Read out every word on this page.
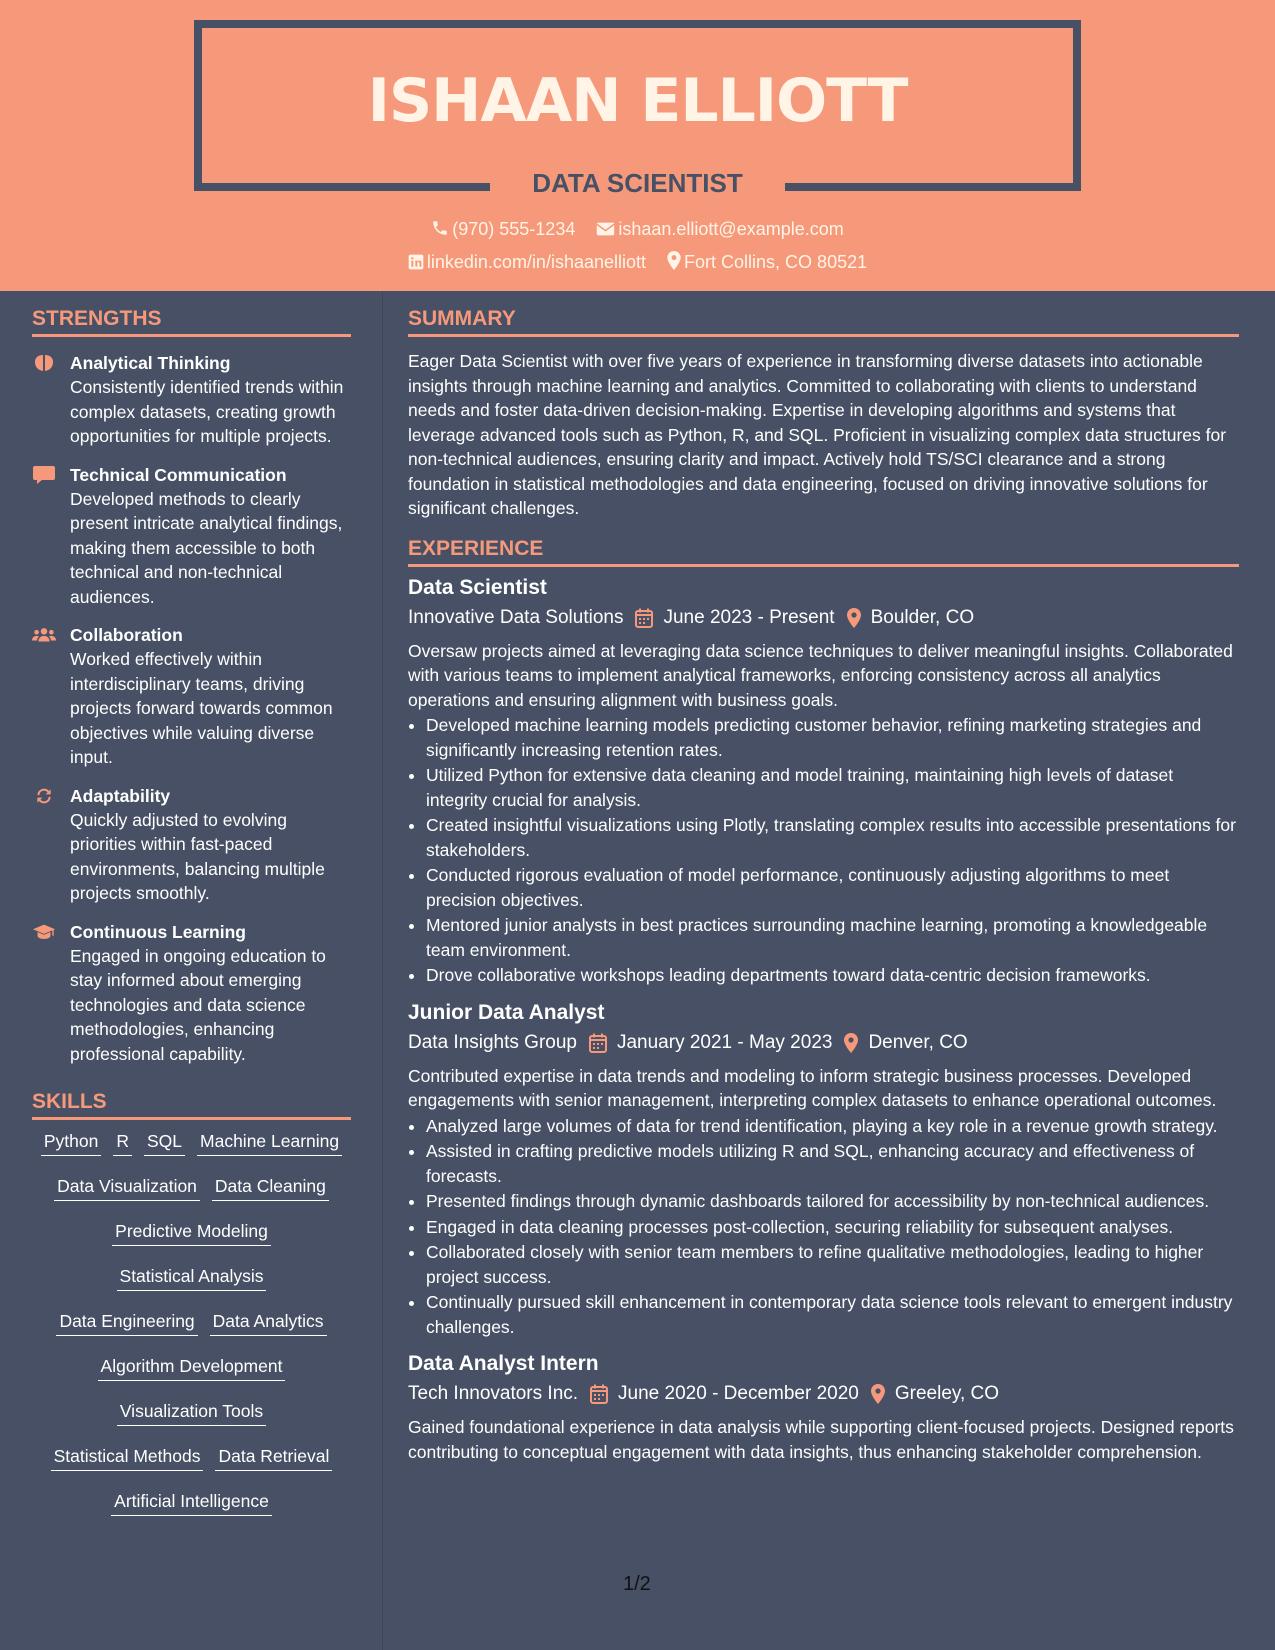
ISHAAN ELLIOTT
DATA SCIENTIST
(970) 555-1234 ishaan.elliott@example.com
linkedin.com/in/ishaanelliott Fort Collins, CO 80521
STRENGTHS
Analytical Thinking
Consistently identified trends within complex datasets, creating growth opportunities for multiple projects.
Technical Communication
Developed methods to clearly present intricate analytical findings, making them accessible to both technical and non-technical audiences.
Collaboration
Worked effectively within interdisciplinary teams, driving projects forward towards common objectives while valuing diverse input.
Adaptability
Quickly adjusted to evolving priorities within fast-paced environments, balancing multiple projects smoothly.
Continuous Learning
Engaged in ongoing education to stay informed about emerging technologies and data science methodologies, enhancing professional capability.
SKILLS
Python R SQL Machine Learning
Data Visualization Data Cleaning
Predictive Modeling
Statistical Analysis
Data Engineering Data Analytics
Algorithm Development
Visualization Tools
Statistical Methods Data Retrieval
Artificial Intelligence
SUMMARY

Eager Data Scientist with over five years of experience in transforming diverse datasets into actionable insights through machine learning and analytics. Committed to collaborating with clients to understand needs and foster data-driven decision-making. Expertise in developing algorithms and systems that leverage advanced tools such as Python, R, and SQL. Proficient in visualizing complex data structures for non-technical audiences, ensuring clarity and impact. Actively hold TS/SCI clearance and a strong foundation in statistical methodologies and data engineering, focused on driving innovative solutions for significant challenges.

EXPERIENCE
Data Scientist
Innovative Data Solutions June 2023 - Present Boulder, CO
Oversaw projects aimed at leveraging data science techniques to deliver meaningful insights. Collaborated with various teams to implement analytical frameworks, enforcing consistency across all analytics operations and ensuring alignment with business goals.
• Developed machine learning models predicting customer behavior, refining marketing strategies and significantly increasing retention rates.
• Utilized Python for extensive data cleaning and model training, maintaining high levels of dataset integrity crucial for analysis.
• Created insightful visualizations using Plotly, translating complex results into accessible presentations for stakeholders.
• Conducted rigorous evaluation of model performance, continuously adjusting algorithms to meet precision objectives.
• Mentored junior analysts in best practices surrounding machine learning, promoting a knowledgeable team environment.
• Drove collaborative workshops leading departments toward data-centric decision frameworks.
Junior Data Analyst
Data Insights Group January 2021 - May 2023 Denver, CO
Contributed expertise in data trends and modeling to inform strategic business processes. Developed engagements with senior management, interpreting complex datasets to enhance operational outcomes.
• Analyzed large volumes of data for trend identification, playing a key role in a revenue growth strategy.
• Assisted in crafting predictive models utilizing R and SQL, enhancing accuracy and effectiveness of forecasts.
• Presented findings through dynamic dashboards tailored for accessibility by non-technical audiences.
• Engaged in data cleaning processes post-collection, securing reliability for subsequent analyses.
• Collaborated closely with senior team members to refine qualitative methodologies, leading to higher project success.
• Continually pursued skill enhancement in contemporary data science tools relevant to emergent industry challenges.
Data Analyst Intern
Tech Innovators Inc. June 2020 - December 2020 Greeley, CO
Gained foundational experience in data analysis while supporting client-focused projects. Designed reports contributing to conceptual engagement with data insights, thus enhancing stakeholder comprehension.
1/2
